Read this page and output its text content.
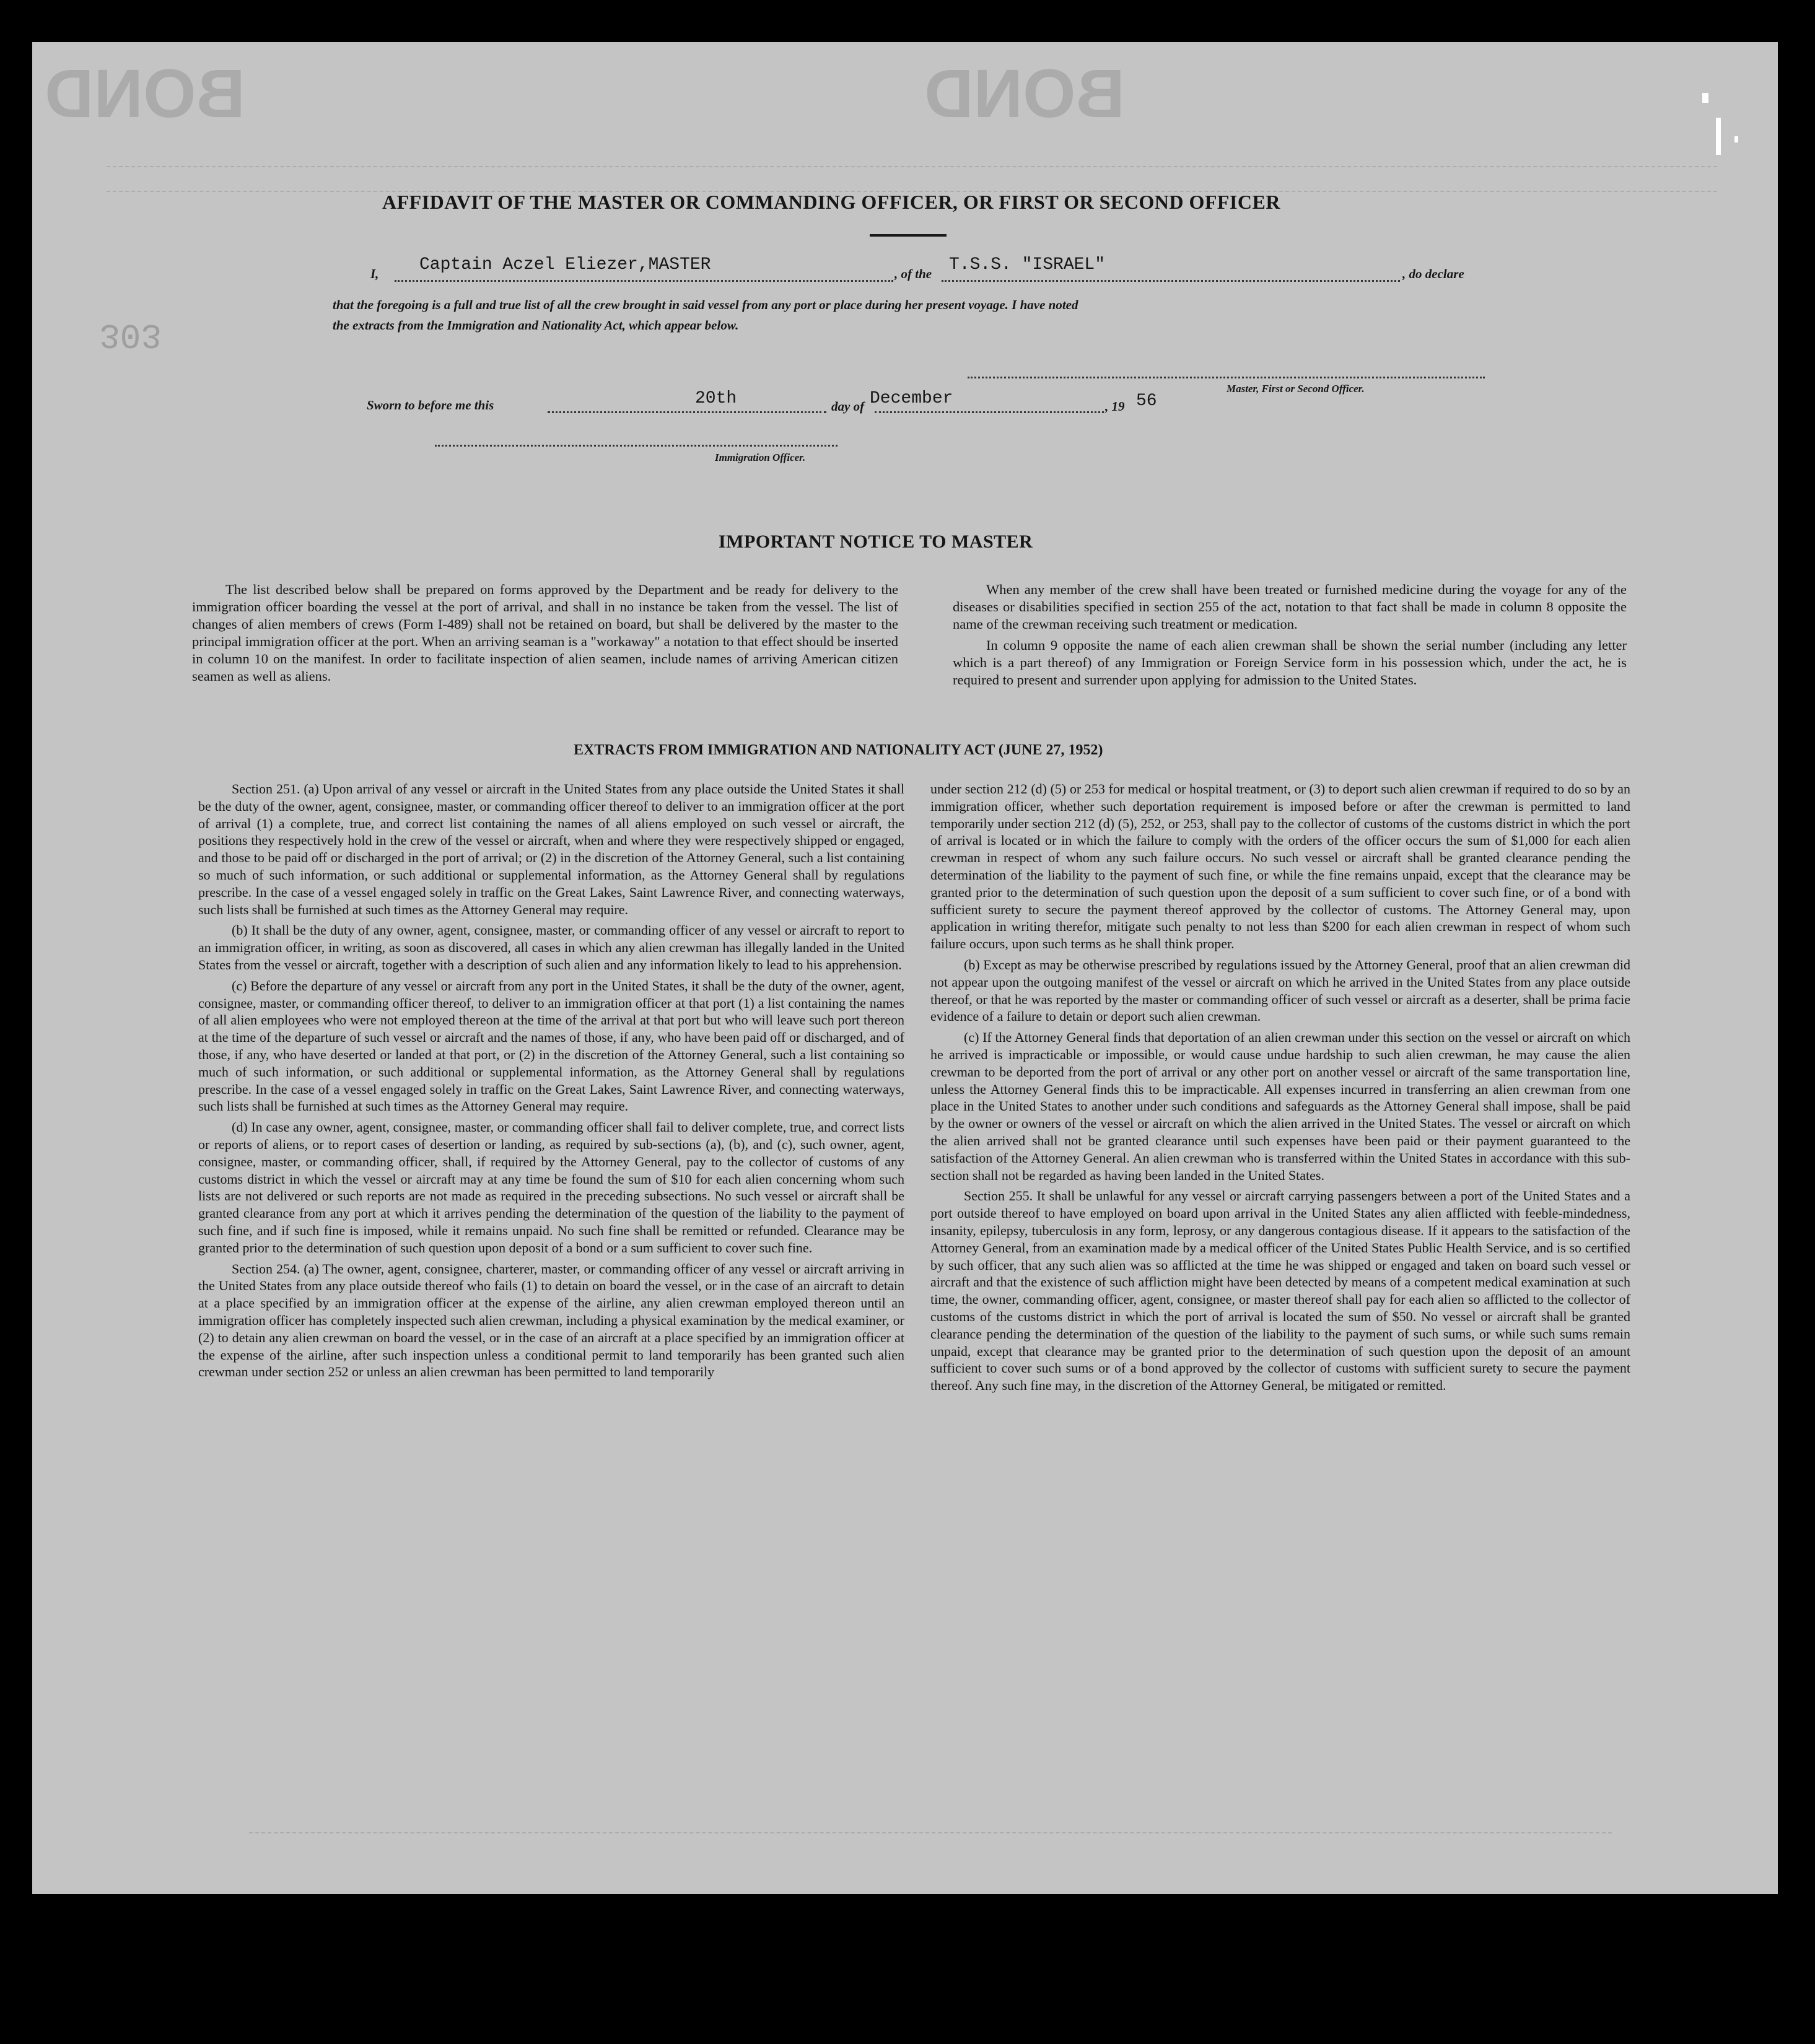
BOND	BOND
303
AFFIDAVIT OF THE MASTER OR COMMANDING OFFICER, OR FIRST OR SECOND OFFICER
I, Captain Aczel Eliezer,MASTER	, of the T.S.S. "ISRAEL"	, do declare
that the foregoing is a full and true list of all the crew brought in said vessel from any port or place during her present voyage. I have noted
the extracts from the Immigration and Nationality Act, which appear below.
Master, First or Second Officer.
Sworn to before me this	20th	day of December	, 19 56
Immigration Officer.
IMPORTANT NOTICE TO MASTER

The list described below shall be prepared on forms approved by the Department and be ready for delivery to the immigration officer boarding the vessel at the port of arrival, and shall in no instance be taken from the vessel. The list of changes of alien members of crews (Form I-489) shall not be retained on board, but shall be delivered by the master to the principal immigration officer at the port. When an arriving seaman is a "workaway" a notation to that effect should be inserted in column 10 on the manifest. In order to facilitate inspection of alien seamen, include names of arriving American citizen seamen as well as aliens.

When any member of the crew shall have been treated or furnished medicine during the voyage for any of the diseases or disabilities specified in section 255 of the act, notation to that fact shall be made in column 8 opposite the name of the crewman receiving such treatment or medication.

In column 9 opposite the name of each alien crewman shall be shown the serial number (including any letter which is a part thereof) of any Immigration or Foreign Service form in his possession which, under the act, he is required to present and surrender upon applying for admission to the United States.

EXTRACTS FROM IMMIGRATION AND NATIONALITY ACT (JUNE 27, 1952)

Section 251. (a) Upon arrival of any vessel or aircraft in the United States from any place outside the United States it shall be the duty of the owner, agent, consignee, master, or commanding officer thereof to deliver to an immigration officer at the port of arrival (1) a complete, true, and correct list containing the names of all aliens employed on such vessel or aircraft, the positions they respectively hold in the crew of the vessel or aircraft, when and where they were respectively shipped or engaged, and those to be paid off or discharged in the port of arrival; or (2) in the discretion of the Attorney General, such a list containing so much of such information, or such additional or supplemental information, as the Attorney General shall by regulations prescribe. In the case of a vessel engaged solely in traffic on the Great Lakes, Saint Lawrence River, and connecting waterways, such lists shall be furnished at such times as the Attorney General may require.

(b) It shall be the duty of any owner, agent, consignee, master, or commanding officer of any vessel or aircraft to report to an immigration officer, in writing, as soon as discovered, all cases in which any alien crewman has illegally landed in the United States from the vessel or aircraft, together with a description of such alien and any information likely to lead to his apprehension.

(c) Before the departure of any vessel or aircraft from any port in the United States, it shall be the duty of the owner, agent, consignee, master, or commanding officer thereof, to deliver to an immigration officer at that port (1) a list containing the names of all alien employees who were not employed thereon at the time of the arrival at that port but who will leave such port thereon at the time of the departure of such vessel or aircraft and the names of those, if any, who have been paid off or discharged, and of those, if any, who have deserted or landed at that port, or (2) in the discretion of the Attorney General, such a list containing so much of such information, or such additional or supplemental information, as the Attorney General shall by regulations prescribe. In the case of a vessel engaged solely in traffic on the Great Lakes, Saint Lawrence River, and connecting waterways, such lists shall be furnished at such times as the Attorney General may require.

(d) In case any owner, agent, consignee, master, or commanding officer shall fail to deliver complete, true, and correct lists or reports of aliens, or to report cases of desertion or landing, as required by sub-sections (a), (b), and (c), such owner, agent, consignee, master, or commanding officer, shall, if required by the Attorney General, pay to the collector of customs of any customs district in which the vessel or aircraft may at any time be found the sum of $10 for each alien concerning whom such lists are not delivered or such reports are not made as required in the preceding subsections. No such vessel or aircraft shall be granted clearance from any port at which it arrives pending the determination of the question of the liability to the payment of such fine, and if such fine is imposed, while it remains unpaid. No such fine shall be remitted or refunded. Clearance may be granted prior to the determination of such question upon deposit of a bond or a sum sufficient to cover such fine.

Section 254. (a) The owner, agent, consignee, charterer, master, or commanding officer of any vessel or aircraft arriving in the United States from any place outside thereof who fails (1) to detain on board the vessel, or in the case of an aircraft to detain at a place specified by an immigration officer at the expense of the airline, any alien crewman employed thereon until an immigration officer has completely inspected such alien crewman, including a physical examination by the medical examiner, or (2) to detain any alien crewman on board the vessel, or in the case of an aircraft at a place specified by an immigration officer at the expense of the airline, after such inspection unless a conditional permit to land temporarily has been granted such alien crewman under section 252 or unless an alien crewman has been permitted to land temporarily

under section 212 (d) (5) or 253 for medical or hospital treatment, or (3) to deport such alien crewman if required to do so by an immigration officer, whether such deportation requirement is imposed before or after the crewman is permitted to land temporarily under section 212 (d) (5), 252, or 253, shall pay to the collector of customs of the customs district in which the port of arrival is located or in which the failure to comply with the orders of the officer occurs the sum of $1,000 for each alien crewman in respect of whom any such failure occurs. No such vessel or aircraft shall be granted clearance pending the determination of the liability to the payment of such fine, or while the fine remains unpaid, except that the clearance may be granted prior to the determination of such question upon the deposit of a sum sufficient to cover such fine, or of a bond with sufficient surety to secure the payment thereof approved by the collector of customs. The Attorney General may, upon application in writing therefor, mitigate such penalty to not less than $200 for each alien crewman in respect of whom such failure occurs, upon such terms as he shall think proper.

(b) Except as may be otherwise prescribed by regulations issued by the Attorney General, proof that an alien crewman did not appear upon the outgoing manifest of the vessel or aircraft on which he arrived in the United States from any place outside thereof, or that he was reported by the master or commanding officer of such vessel or aircraft as a deserter, shall be prima facie evidence of a failure to detain or deport such alien crewman.

(c) If the Attorney General finds that deportation of an alien crewman under this section on the vessel or aircraft on which he arrived is impracticable or impossible, or would cause undue hardship to such alien crewman, he may cause the alien crewman to be deported from the port of arrival or any other port on another vessel or aircraft of the same transportation line, unless the Attorney General finds this to be impracticable. All expenses incurred in transferring an alien crewman from one place in the United States to another under such conditions and safeguards as the Attorney General shall impose, shall be paid by the owner or owners of the vessel or aircraft on which the alien arrived in the United States. The vessel or aircraft on which the alien arrived shall not be granted clearance until such expenses have been paid or their payment guaranteed to the satisfaction of the Attorney General. An alien crewman who is transferred within the United States in accordance with this sub-section shall not be regarded as having been landed in the United States.

Section 255. It shall be unlawful for any vessel or aircraft carrying passengers between a port of the United States and a port outside thereof to have employed on board upon arrival in the United States any alien afflicted with feeble-mindedness, insanity, epilepsy, tuberculosis in any form, leprosy, or any dangerous contagious disease. If it appears to the satisfaction of the Attorney General, from an examination made by a medical officer of the United States Public Health Service, and is so certified by such officer, that any such alien was so afflicted at the time he was shipped or engaged and taken on board such vessel or aircraft and that the existence of such affliction might have been detected by means of a competent medical examination at such time, the owner, commanding officer, agent, consignee, or master thereof shall pay for each alien so afflicted to the collector of customs of the customs district in which the port of arrival is located the sum of $50. No vessel or aircraft shall be granted clearance pending the determination of the question of the liability to the payment of such sums, or while such sums remain unpaid, except that clearance may be granted prior to the determination of such question upon the deposit of an amount sufficient to cover such sums or of a bond approved by the collector of customs with sufficient surety to secure the payment thereof. Any such fine may, in the discretion of the Attorney General, be mitigated or remitted.
